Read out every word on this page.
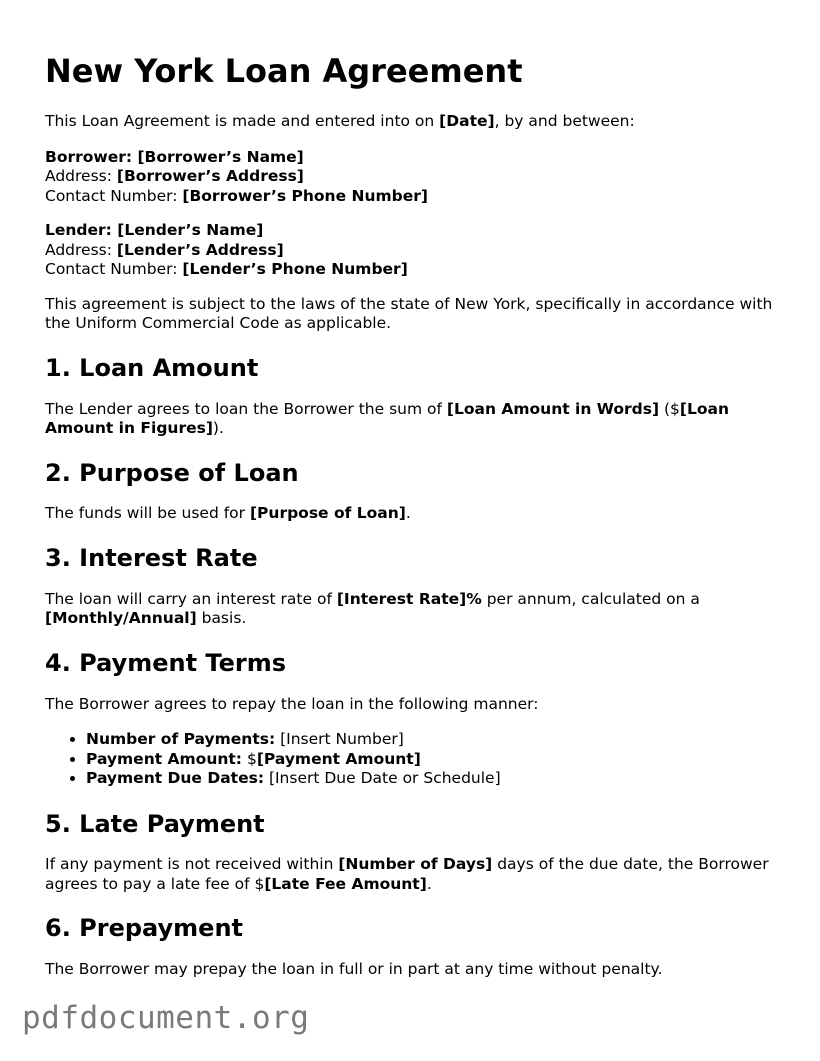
New York Loan Agreement

This Loan Agreement is made and entered into on [Date], by and between:

Borrower: [Borrower’s Name]
Address: [Borrower’s Address]
Contact Number: [Borrower’s Phone Number]

Lender: [Lender’s Name]
Address: [Lender’s Address]
Contact Number: [Lender’s Phone Number]

This agreement is subject to the laws of the state of New York, specifically in accordance with the Uniform Commercial Code as applicable.

1. Loan Amount

The Lender agrees to loan the Borrower the sum of [Loan Amount in Words] ($[Loan Amount in Figures]).

2. Purpose of Loan

The funds will be used for [Purpose of Loan].

3. Interest Rate

The loan will carry an interest rate of [Interest Rate]% per annum, calculated on a [Monthly/Annual] basis.

4. Payment Terms

The Borrower agrees to repay the loan in the following manner:

• Number of Payments: [Insert Number]
• Payment Amount: $[Payment Amount]
• Payment Due Dates: [Insert Due Date or Schedule]
5. Late Payment

If any payment is not received within [Number of Days] days of the due date, the Borrower agrees to pay a late fee of $[Late Fee Amount].

6. Prepayment

The Borrower may prepay the loan in full or in part at any time without penalty.

pdfdocument.org
